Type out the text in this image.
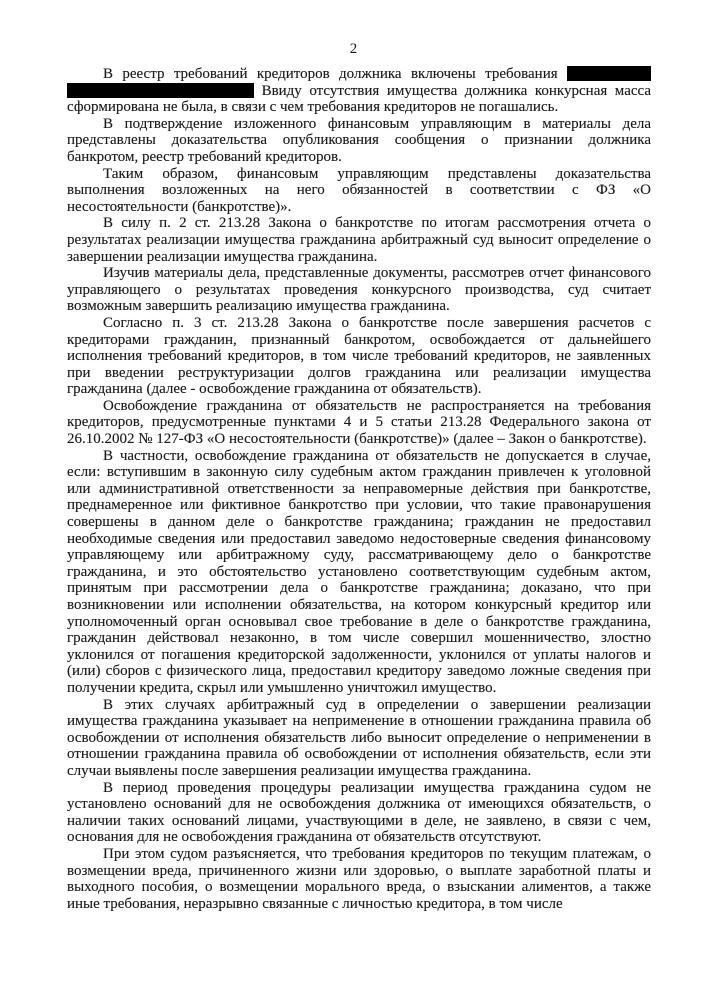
2

В реестр требований кредиторов должника включены требования   Ввиду отсутствия имущества должника конкурсная масса сформирована не была, в связи с чем требования кредиторов не погашались.

В подтверждение изложенного финансовым управляющим в материалы дела представлены доказательства опубликования сообщения о признании должника банкротом, реестр требований кредиторов.

Таким образом, финансовым управляющим представлены доказательства выполнения возложенных на него обязанностей в соответствии с ФЗ «О несостоятельности (банкротстве)».

В силу п. 2 ст. 213.28 Закона о банкротстве по итогам рассмотрения отчета о результатах реализации имущества гражданина арбитражный суд выносит определение о завершении реализации имущества гражданина.

Изучив материалы дела, представленные документы, рассмотрев отчет финансового управляющего о результатах проведения конкурсного производства, суд считает возможным завершить реализацию имущества гражданина.

Согласно п. 3 ст. 213.28 Закона о банкротстве после завершения расчетов с кредиторами гражданин, признанный банкротом, освобождается от дальнейшего исполнения требований кредиторов, в том числе требований кредиторов, не заявленных при введении реструктуризации долгов гражданина или реализации имущества гражданина (далее - освобождение гражданина от обязательств).

Освобождение гражданина от обязательств не распространяется на требования кредиторов, предусмотренные пунктами 4 и 5 статьи 213.28 Федерального закона от 26.10.2002 № 127-ФЗ «О несостоятельности (банкротстве)» (далее – Закон о банкротстве).

В частности, освобождение гражданина от обязательств не допускается в случае, если: вступившим в законную силу судебным актом гражданин привлечен к уголовной или административной ответственности за неправомерные действия при банкротстве, преднамеренное или фиктивное банкротство при условии, что такие правонарушения совершены в данном деле о банкротстве гражданина; гражданин не предоставил необходимые сведения или предоставил заведомо недостоверные сведения финансовому управляющему или арбитражному суду, рассматривающему дело о банкротстве гражданина, и это обстоятельство установлено соответствующим судебным актом, принятым при рассмотрении дела о банкротстве гражданина; доказано, что при возникновении или исполнении обязательства, на котором конкурсный кредитор или уполномоченный орган основывал свое требование в деле о банкротстве гражданина, гражданин действовал незаконно, в том числе совершил мошенничество, злостно уклонился от погашения кредиторской задолженности, уклонился от уплаты налогов и (или) сборов с физического лица, предоставил кредитору заведомо ложные сведения при получении кредита, скрыл или умышленно уничтожил имущество.

В этих случаях арбитражный суд в определении о завершении реализации имущества гражданина указывает на неприменение в отношении гражданина правила об освобождении от исполнения обязательств либо выносит определение о неприменении в отношении гражданина правила об освобождении от исполнения обязательств, если эти случаи выявлены после завершения реализации имущества гражданина.

В период проведения процедуры реализации имущества гражданина судом не установлено оснований для не освобождения должника от имеющихся обязательств, о наличии таких оснований лицами, участвующими в деле, не заявлено, в связи с чем, основания для не освобождения гражданина от обязательств отсутствуют.

При этом судом разъясняется, что требования кредиторов по текущим платежам, о возмещении вреда, причиненного жизни или здоровью, о выплате заработной платы и выходного пособия, о возмещении морального вреда, о взыскании алиментов, а также иные требования, неразрывно связанные с личностью кредитора, в том числе
